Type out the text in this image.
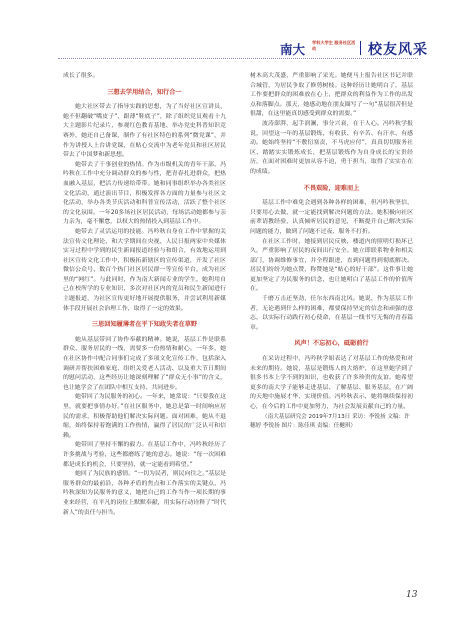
南大 学科大学生 服务社区活动	校友风采

成长了很多。

三想去学用结合，知行合一

她大社区带去了指导实践的思想，为了当好社区宣讲员，她不但翻破“嘴皮子”、跟薄“鞋底子”，除了组织党员观看十九大主题影片纪录片、参观红色教育基地、举办党史科普知识竞赛外，她还自己备课，制作了有社区特色的系列“微党课”，并作为讲授人上台讲党课，在贴心交流中为老年党员和社区居民带去了中国梦和新思想。

她带去了干事创业的热情。作为市级机关的青年干部，冯吟秋在工作中充分调动群众的参与性，把青春扎进群众，把热血融入基层，把活力传递给带带。她和同事组织举办各类社区文化活动，通过演出节目，积极发挥各方面的力量参与社区文化活动，举办各类节庆活动和科普宣传活动，活跃了整个社区的文化氛围。一年20多场社区居民活动，每场活动她都参与亲力亲为，毫不懈怠，以权大的热情投入到基层工作中。

她带去了灵活运用的技能。冯吟秋自身在工作中掌握的关法宣传文化理论，和大学期间在央视、人民日报两家中央媒体实习过程中学到的民生新闻报道经验与和组合，有效地运用到社区宣传文化工作中，积极拓新辖区的宣传渠道，开发了社区微信公众号、数百个热门社区居民群一等宣传平台，成为社区里的“网红”。与此同时，作为南大新闻专业的学生，她利用自己在校所学的专业知识，多次对社区内的党员和民生新闻进行主题报道，为社区宣传更好地开展提供服务，并尝试利用新媒体手段开展社会治理工作，取得了一定的效果。

三思回知履薄者在平下知政失者在草野

她从基层带回了协作奉献的精神。她说，基层工作是联系群众、服务居民的一线，需要多一份热情和耐心。一年多，她在社区协作中配合同事们完成了多项文化宣传工作，包括深入调研并帮扶困难家庭、组织关爱老人活动、以及重大节日期间的慰问活动，这些经历让她深刻理解了“群众无小事”的含义，也让她学会了在团队中相互支持、共同进步。

她带回了为民服务的初心。一年来，她常说：“只要我在这里，就要把事情办好。”在社区服务中，她总是第一时间响应居民的需求，积极帮助他们解决实际问题。面对困难，她从不退缩，始终保持着饱满的工作热情，赢得了居民的广泛认可和信赖。

她带回了坚持不懈的毅力。在基层工作中，冯吟秋经历了许多挑战与考验，这些都磨练了她的意志。她说：“每一次困难都是成长的机会，只要坚持，就一定能看到希望。”

她回了为民族的感情。“一切为民者，则民向往之。”基层是服务群众的最前沿，各种矛盾的焦点和工作落实的关键点，冯吟秋深知为民服务的意义，她把自己的工作当作一项长期的事业来经营，在平凡的岗位上默默奉献，用实际行动诠释了“时代新人”的责任与担当。

树木高大茂盛，严重影响了采光。她便马上报告社区书记并联合城管，为居民争取了修剪树枝。这种经历让她明白了，基层工作要把群众的困难放在心上，把群众的利益作为工作的出发点和落脚点。那天，她感动地在朋友圈写了一句“基层很苦但是很甜，在这里能真切感受到群众的需要。”

波涛澎湃，起手润澜，事分兴衰，在于人心。冯吟秋学报说，回望这一年的基层锻炼，有收获、有辛苦、有汗水、有感动。她始终坚持“不敷衍塞责，不马虎应付”，真真切切服务社区、踏踏实实锻炼成长，把基层锻炼作为自身成长的宝贵经历，在面对困难时更加从容不迫，勇于担当，取得了实实在在的成绩。

不畏艰险，迎难而上

基层工作中难免会遇到各种各样的困难，但冯吟秋坚信，只要用心去做，就一定能找到解决问题的方法。她积极向社区前辈请教经验，认真倾听居民的意见，不断提升自己解决实际问题的能力，做到了问题不过夜、服务不打折。

在社区工作时，她接到居民反映，楼道内的照明灯损坏已久，严重影响了居民的夜间出行安全。她立即联系物业和相关部门，协调维修事宜，并全程跟进，直到问题得到彻底解决。居民们纷纷为她点赞，称赞她是“贴心的好干部”。这件事让她更加坚定了为民服务的信念，也让她明白了基层工作的价值所在。

千磨万击还坚劲，任尔东西南北风。她说，作为基层工作者，无论遇到什么样的困难，都要保持坚定的信念和顽强的意志，以实际行动践行初心使命，在基层一线书写无悔的青春篇章。

风声！不忘初心，砥砺前行

在采访过程中，冯吟秋学姐表达了对基层工作的热爱和对未来的期待。她说，基层是锻炼人的大熔炉，在这里她学到了很多书本上学不到的知识，也收获了许多珍贵的友谊。她希望更多的南大学子能够走进基层、了解基层、服务基层，在广阔的天地中施展才华、实现价值。冯吟秋表示，她将继续保持初心，在今后的工作中更加努力，为社会发展贡献自己的力量。

（南大基层研究会 2019年7月13日 采访：李锐扬 文稿：许穗婷 李锐扬 图片：陈佳琪 责编：任樾琪）

13
